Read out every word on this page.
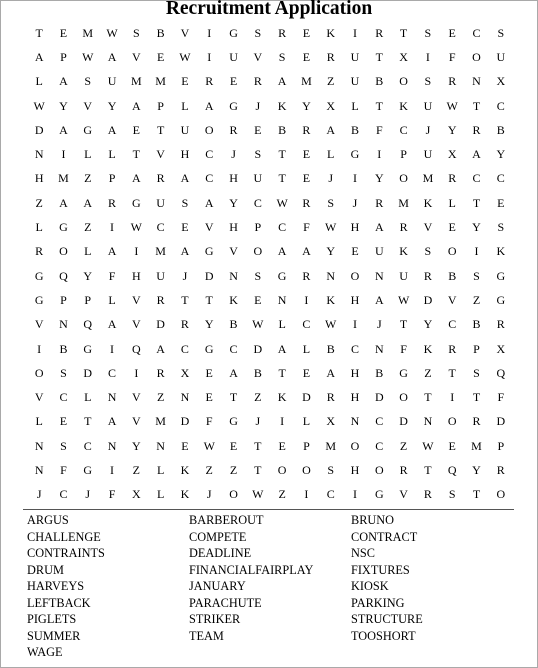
Recruitment Application
T	E	M	W	S	B	V	I	G	S	R	E	K	I	R	T	S	E	C	S
A	P	W	A	V	E	W	I	U	V	S	E	R	U	T	X	I	F	O	U
L	A	S	U	M	M	E	R	E	R	A	M	Z	U	B	O	S	R	N	X
W	Y	V	Y	A	P	L	A	G	J	K	Y	X	L	T	K	U	W	T	C
D	A	G	A	E	T	U	O	R	E	B	R	A	B	F	C	J	Y	R	B
N	I	L	L	T	V	H	C	J	S	T	E	L	G	I	P	U	X	A	Y
H	M	Z	P	A	R	A	C	H	U	T	E	J	I	Y	O	M	R	C	C
Z	A	A	R	G	U	S	A	Y	C	W	R	S	J	R	M	K	L	T	E
L	G	Z	I	W	C	E	V	H	P	C	F	W	H	A	R	V	E	Y	S
R	O	L	A	I	M	A	G	V	O	A	A	Y	E	U	K	S	O	I	K
G	Q	Y	F	H	U	J	D	N	S	G	R	N	O	N	U	R	B	S	G
G	P	P	L	V	R	T	T	K	E	N	I	K	H	A	W	D	V	Z	G
V	N	Q	A	V	D	R	Y	B	W	L	C	W	I	J	T	Y	C	B	R
I	B	G	I	Q	A	C	G	C	D	A	L	B	C	N	F	K	R	P	X
O	S	D	C	I	R	X	E	A	B	T	E	A	H	B	G	Z	T	S	Q
V	C	L	N	V	Z	N	E	T	Z	K	D	R	H	D	O	T	I	T	F
L	E	T	A	V	M	D	F	G	J	I	L	X	N	C	D	N	O	R	D
N	S	C	N	Y	N	E	W	E	T	E	P	M	O	C	Z	W	E	M	P
N	F	G	I	Z	L	K	Z	Z	T	O	O	S	H	O	R	T	Q	Y	R
J	C	J	F	X	L	K	J	O	W	Z	I	C	I	G	V	R	S	T	O
ARGUS	BARBEROUT	BRUNO
CHALLENGE	COMPETE	CONTRACT
CONTRAINTS	DEADLINE	NSC
DRUM	FINANCIALFAIRPLAY	FIXTURES
HARVEYS	JANUARY	KIOSK
LEFTBACK	PARACHUTE	PARKING
PIGLETS	STRIKER	STRUCTURE
SUMMER	TEAM	TOOSHORT
WAGE
